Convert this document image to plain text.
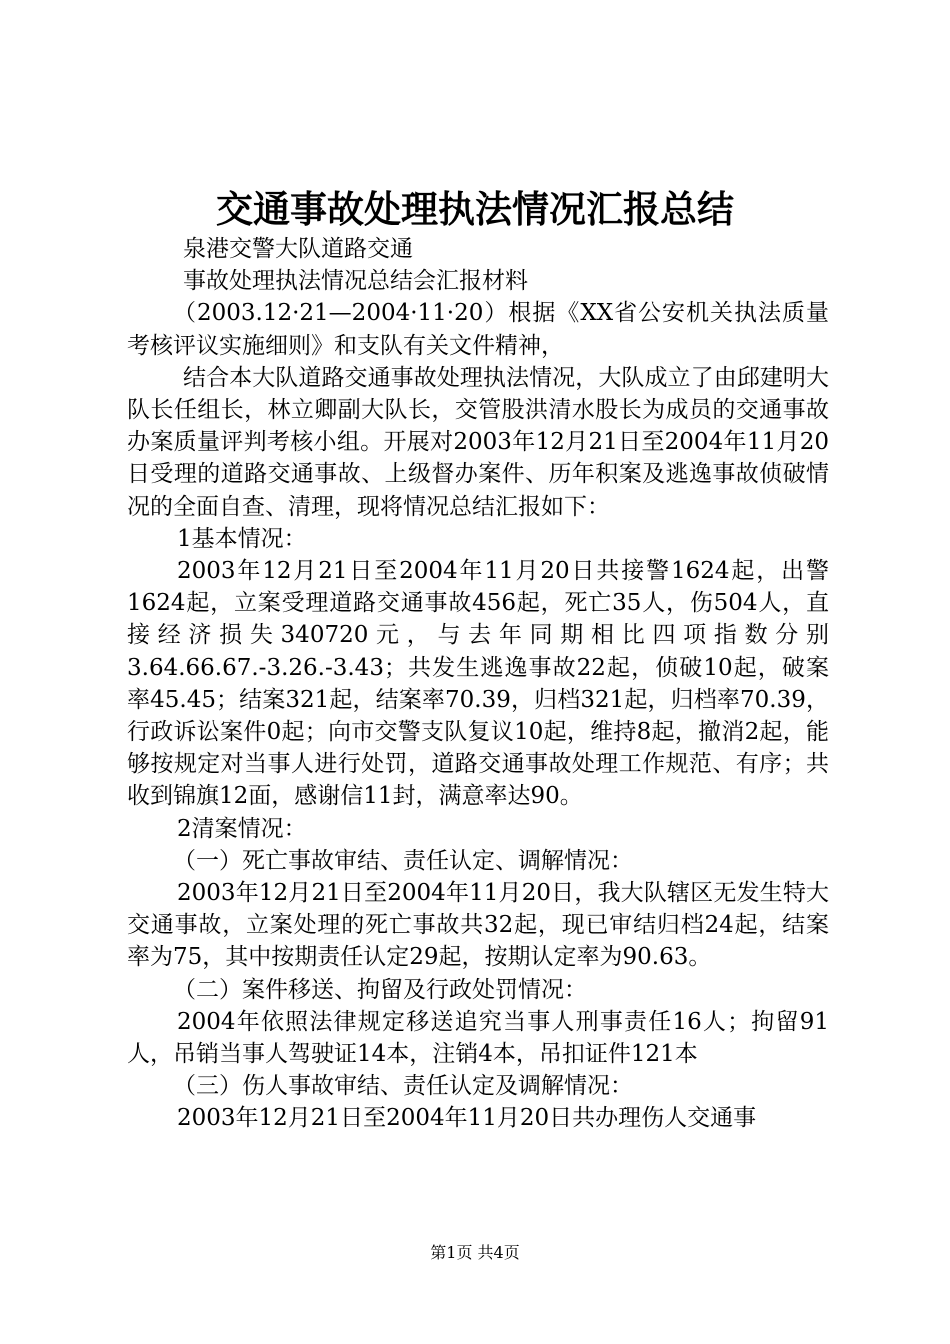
交通事故处理执法情况汇报总结

泉港交警大队道路交通

事故处理执法情况总结会汇报材料

（2003.12·21—2004·11·20）根据《XX省公安机关执法质量考核评议实施细则》和支队有关文件精神，

结合本大队道路交通事故处理执法情况，大队成立了由邱建明大队长任组长，林立卿副大队长，交管股洪清水股长为成员的交通事故办案质量评判考核小组。开展对2003年12月21日至2004年11月20日受理的道路交通事故、上级督办案件、历年积案及逃逸事故侦破情况的全面自查、清理，现将情况总结汇报如下：

1基本情况：

2003年12月21日至2004年11月20日共接警1624起，出警1624起，立案受理道路交通事故456起，死亡35人，伤504人，直接经济损失340720元，与去年同期相比四项指数分别3.64.66.67.-3.26.-3.43；共发生逃逸事故22起，侦破10起，破案率45.45；结案321起，结案率70.39，归档321起，归档率70.39，行政诉讼案件0起；向市交警支队复议10起，维持8起，撤消2起，能够按规定对当事人进行处罚，道路交通事故处理工作规范、有序；共收到锦旗12面，感谢信11封，满意率达90。

2清案情况：

（一）死亡事故审结、责任认定、调解情况：

2003年12月21日至2004年11月20日，我大队辖区无发生特大交通事故，立案处理的死亡事故共32起，现已审结归档24起，结案率为75，其中按期责任认定29起，按期认定率为90.63。

（二）案件移送、拘留及行政处罚情况：

2004年依照法律规定移送追究当事人刑事责任16人；拘留91人，吊销当事人驾驶证14本，注销4本，吊扣证件121本

（三）伤人事故审结、责任认定及调解情况：

2003年12月21日至2004年11月20日共办理伤人交通事

第1页 共4页
